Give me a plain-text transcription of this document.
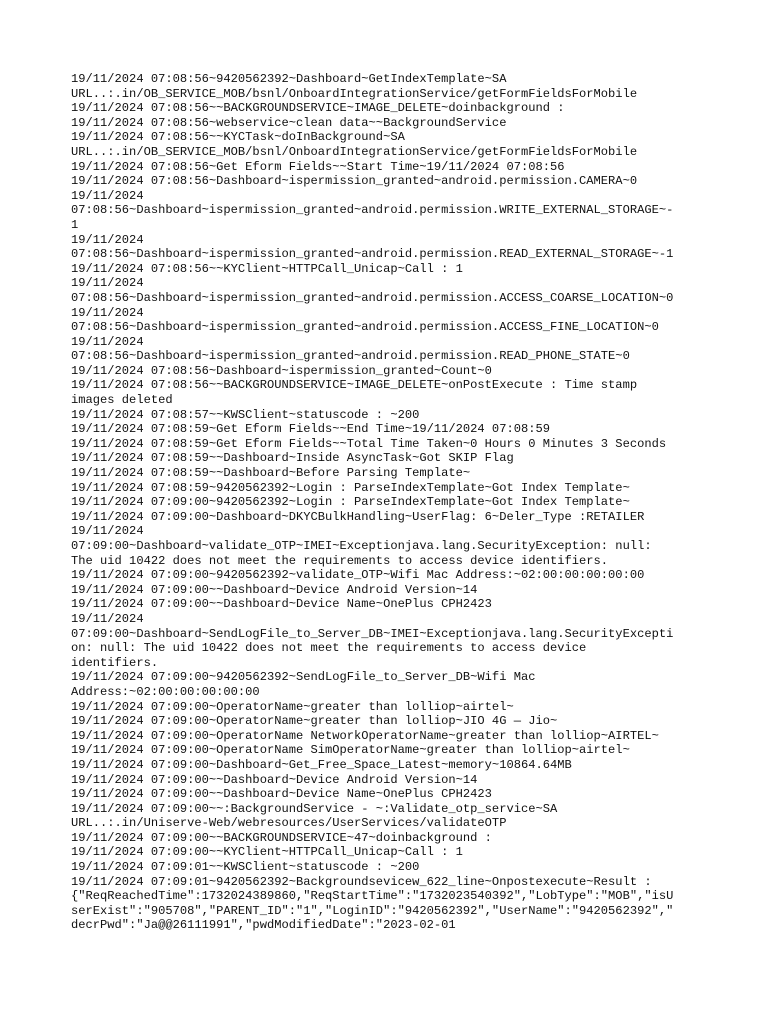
19/11/2024 07:08:56~9420562392~Dashboard~GetIndexTemplate~SA
URL..:.in/OB_SERVICE_MOB/bsnl/OnboardIntegrationService/getFormFieldsForMobile
19/11/2024 07:08:56~~BACKGROUNDSERVICE~IMAGE_DELETE~doinbackground :
19/11/2024 07:08:56~webservice~clean data~~BackgroundService
19/11/2024 07:08:56~~KYCTask~doInBackground~SA
URL..:.in/OB_SERVICE_MOB/bsnl/OnboardIntegrationService/getFormFieldsForMobile
19/11/2024 07:08:56~Get Eform Fields~~Start Time~19/11/2024 07:08:56
19/11/2024 07:08:56~Dashboard~ispermission_granted~android.permission.CAMERA~0
19/11/2024
07:08:56~Dashboard~ispermission_granted~android.permission.WRITE_EXTERNAL_STORAGE~-
1
19/11/2024
07:08:56~Dashboard~ispermission_granted~android.permission.READ_EXTERNAL_STORAGE~-1
19/11/2024 07:08:56~~KYClient~HTTPCall_Unicap~Call : 1
19/11/2024
07:08:56~Dashboard~ispermission_granted~android.permission.ACCESS_COARSE_LOCATION~0
19/11/2024
07:08:56~Dashboard~ispermission_granted~android.permission.ACCESS_FINE_LOCATION~0
19/11/2024
07:08:56~Dashboard~ispermission_granted~android.permission.READ_PHONE_STATE~0
19/11/2024 07:08:56~Dashboard~ispermission_granted~Count~0
19/11/2024 07:08:56~~BACKGROUNDSERVICE~IMAGE_DELETE~onPostExecute : Time stamp
images deleted
19/11/2024 07:08:57~~KWSClient~statuscode : ~200
19/11/2024 07:08:59~Get Eform Fields~~End Time~19/11/2024 07:08:59
19/11/2024 07:08:59~Get Eform Fields~~Total Time Taken~0 Hours 0 Minutes 3 Seconds
19/11/2024 07:08:59~~Dashboard~Inside AsyncTask~Got SKIP Flag
19/11/2024 07:08:59~~Dashboard~Before Parsing Template~
19/11/2024 07:08:59~9420562392~Login : ParseIndexTemplate~Got Index Template~
19/11/2024 07:09:00~9420562392~Login : ParseIndexTemplate~Got Index Template~
19/11/2024 07:09:00~Dashboard~DKYCBulkHandling~UserFlag: 6~Deler_Type :RETAILER
19/11/2024
07:09:00~Dashboard~validate_OTP~IMEI~Exceptionjava.lang.SecurityException: null:
The uid 10422 does not meet the requirements to access device identifiers.
19/11/2024 07:09:00~9420562392~validate_OTP~Wifi Mac Address:~02:00:00:00:00:00
19/11/2024 07:09:00~~Dashboard~Device Android Version~14
19/11/2024 07:09:00~~Dashboard~Device Name~OnePlus CPH2423
19/11/2024
07:09:00~Dashboard~SendLogFile_to_Server_DB~IMEI~Exceptionjava.lang.SecurityExcepti
on: null: The uid 10422 does not meet the requirements to access device
identifiers.
19/11/2024 07:09:00~9420562392~SendLogFile_to_Server_DB~Wifi Mac
Address:~02:00:00:00:00:00
19/11/2024 07:09:00~OperatorName~greater than lolliop~airtel~
19/11/2024 07:09:00~OperatorName~greater than lolliop~JIO 4G — Jio~
19/11/2024 07:09:00~OperatorName NetworkOperatorName~greater than lolliop~AIRTEL~
19/11/2024 07:09:00~OperatorName SimOperatorName~greater than lolliop~airtel~
19/11/2024 07:09:00~Dashboard~Get_Free_Space_Latest~memory~10864.64MB
19/11/2024 07:09:00~~Dashboard~Device Android Version~14
19/11/2024 07:09:00~~Dashboard~Device Name~OnePlus CPH2423
19/11/2024 07:09:00~~:BackgroundService - ~:Validate_otp_service~SA
URL..:.in/Uniserve-Web/webresources/UserServices/validateOTP
19/11/2024 07:09:00~~BACKGROUNDSERVICE~47~doinbackground :
19/11/2024 07:09:00~~KYClient~HTTPCall_Unicap~Call : 1
19/11/2024 07:09:01~~KWSClient~statuscode : ~200
19/11/2024 07:09:01~9420562392~Backgroundsevicew_622_line~Onpostexecute~Result :
{"ReqReachedTime":1732024389860,"ReqStartTime":"1732023540392","LobType":"MOB","isU
serExist":"905708","PARENT_ID":"1","LoginID":"9420562392","UserName":"9420562392","
decrPwd":"Ja@@26111991","pwdModifiedDate":"2023-02-01
